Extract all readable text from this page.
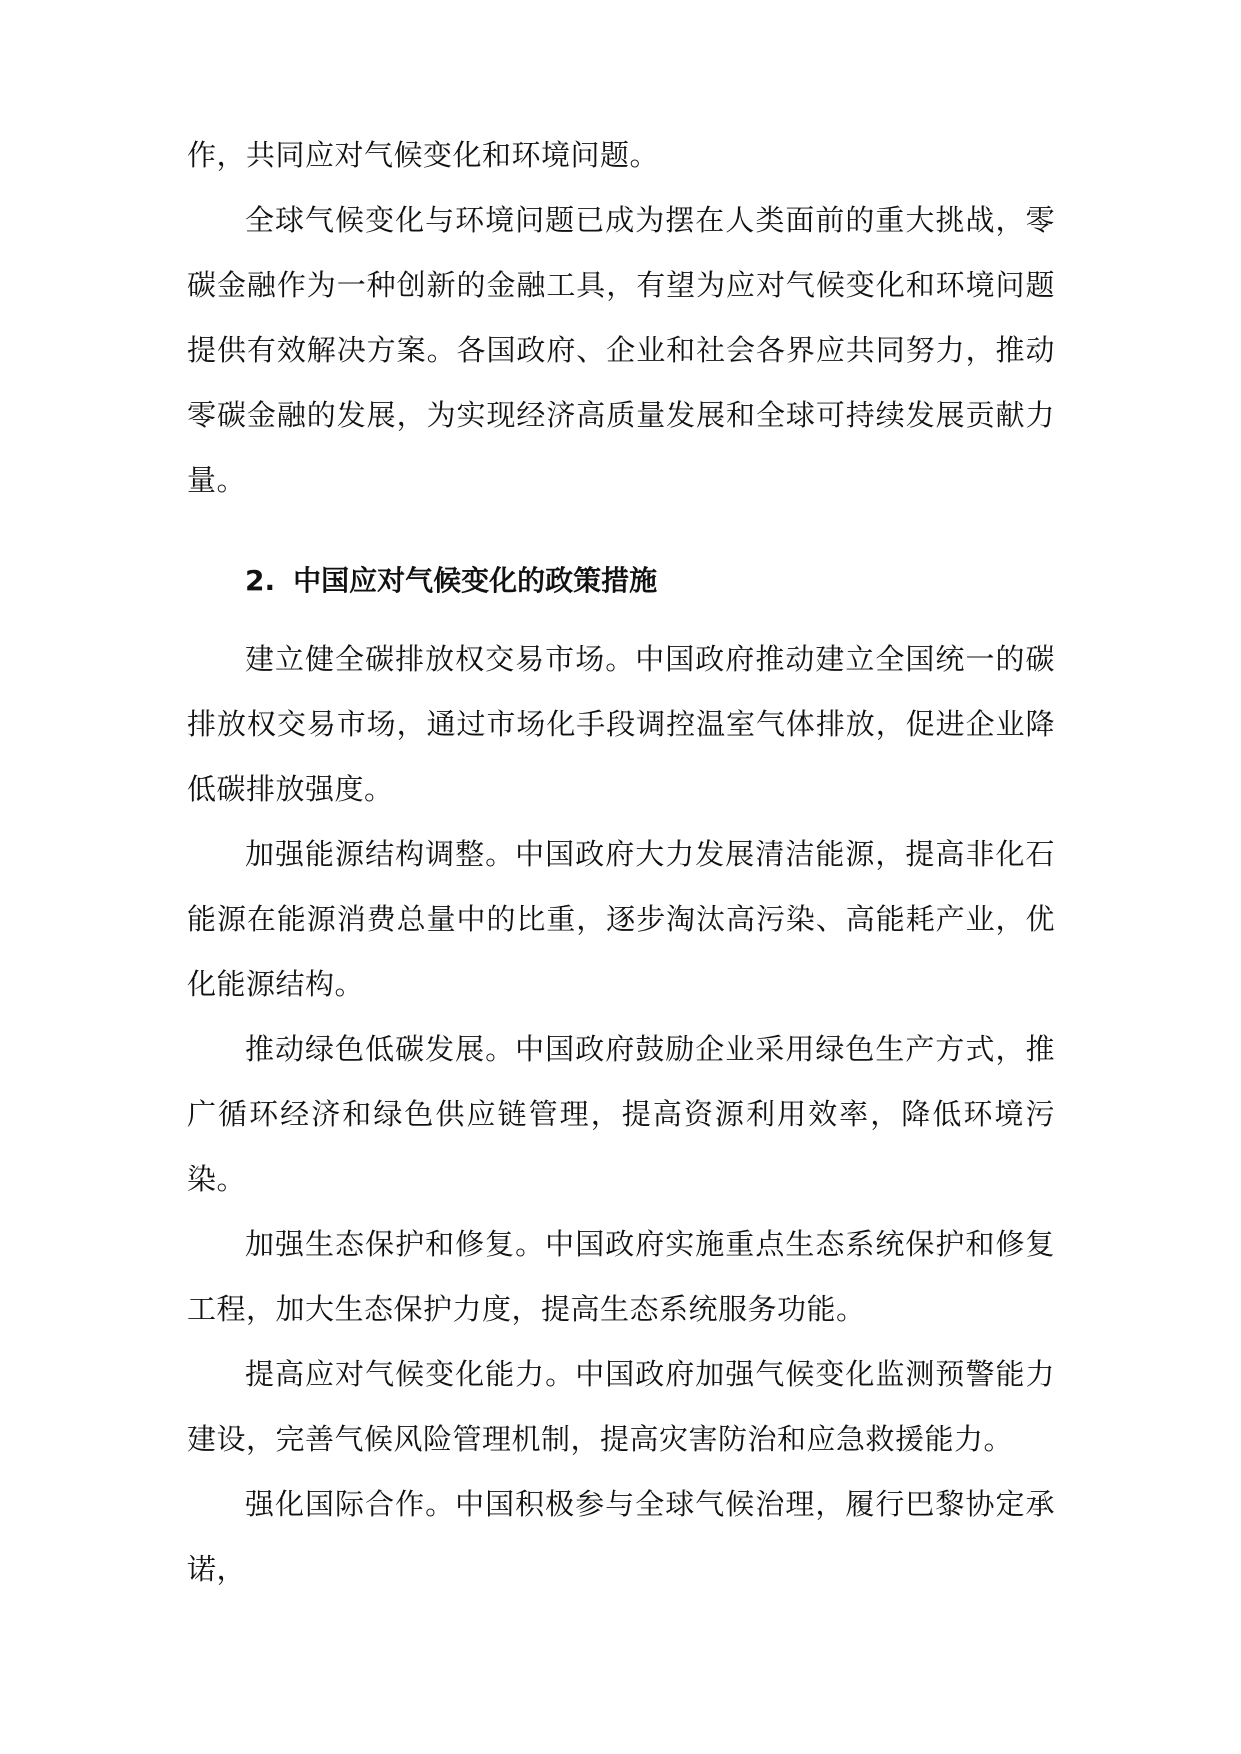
作，共同应对气候变化和环境问题。

全球气候变化与环境问题已成为摆在人类面前的重大挑战，零碳金融作为一种创新的金融工具，有望为应对气候变化和环境问题提供有效解决方案。各国政府、企业和社会各界应共同努力，推动零碳金融的发展，为实现经济高质量发展和全球可持续发展贡献力量。

2. 中国应对气候变化的政策措施

建立健全碳排放权交易市场。中国政府推动建立全国统一的碳排放权交易市场，通过市场化手段调控温室气体排放，促进企业降低碳排放强度。

加强能源结构调整。中国政府大力发展清洁能源，提高非化石能源在能源消费总量中的比重，逐步淘汰高污染、高能耗产业，优化能源结构。

推动绿色低碳发展。中国政府鼓励企业采用绿色生产方式，推广循环经济和绿色供应链管理，提高资源利用效率，降低环境污染。

加强生态保护和修复。中国政府实施重点生态系统保护和修复工程，加大生态保护力度，提高生态系统服务功能。

提高应对气候变化能力。中国政府加强气候变化监测预警能力建设，完善气候风险管理机制，提高灾害防治和应急救援能力。

强化国际合作。中国积极参与全球气候治理，履行巴黎协定承诺，
